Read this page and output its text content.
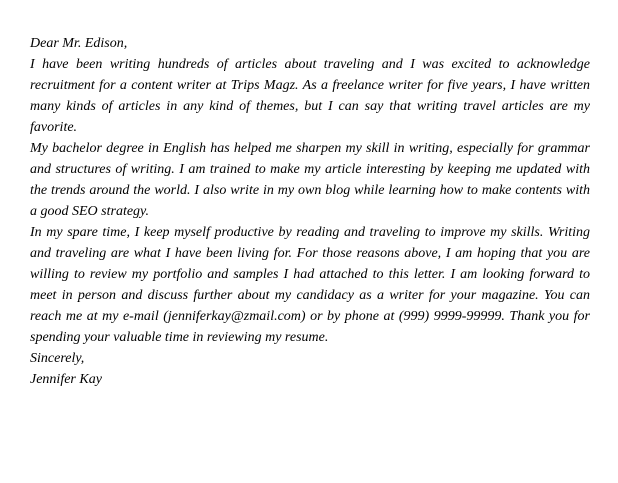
Dear Mr. Edison,

I have been writing hundreds of articles about traveling and I was excited to acknowledge recruitment for a content writer at Trips Magz. As a freelance writer for five years, I have written many kinds of articles in any kind of themes, but I can say that writing travel articles are my favorite.

My bachelor degree in English has helped me sharpen my skill in writing, especially for grammar and structures of writing. I am trained to make my article interesting by keeping me updated with the trends around the world. I also write in my own blog while learning how to make contents with a good SEO strategy.

In my spare time, I keep myself productive by reading and traveling to improve my skills. Writing and traveling are what I have been living for. For those reasons above, I am hoping that you are willing to review my portfolio and samples I had attached to this letter. I am looking forward to meet in person and discuss further about my candidacy as a writer for your magazine. You can reach me at my e-mail (jenniferkay@zmail.com) or by phone at (999) 9999-99999. Thank you for spending your valuable time in reviewing my resume.

Sincerely,

Jennifer Kay
